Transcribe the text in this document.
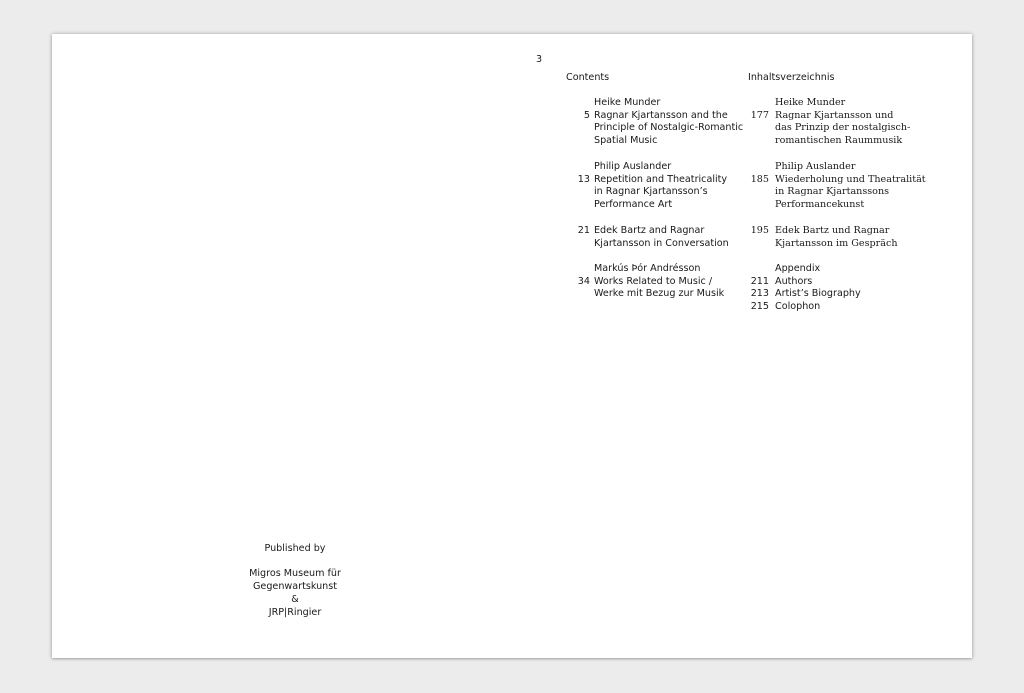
Published by
Migros Museum für
Gegenwartskunst
&
JRP|Ringier
3
Contents	Inhaltsverzeichnis
5
Heike Munder
Ragnar Kjartansson and the
Principle of Nostalgic-Romantic
Spatial Music
13
Philip Auslander
Repetition and Theatricality
in Ragnar Kjartansson’s
Performance Art
21 Edek Bartz and Ragnar
Kjartansson in Conversation
34
Markús Þór Andrésson
Works Related to Music /
Werke mit Bezug zur Musik
177
Heike Munder
Ragnar Kjartansson und
das Prinzip der nostalgisch-
romantischen Raummusik
185
Philip Auslander
Wiederholung und Theatralität
in Ragnar Kjartanssons
Performancekunst
195 Edek Bartz und Ragnar
Kjartansson im Gespräch
Appendix
211 Authors
213 Artist’s Biography
215 Colophon
